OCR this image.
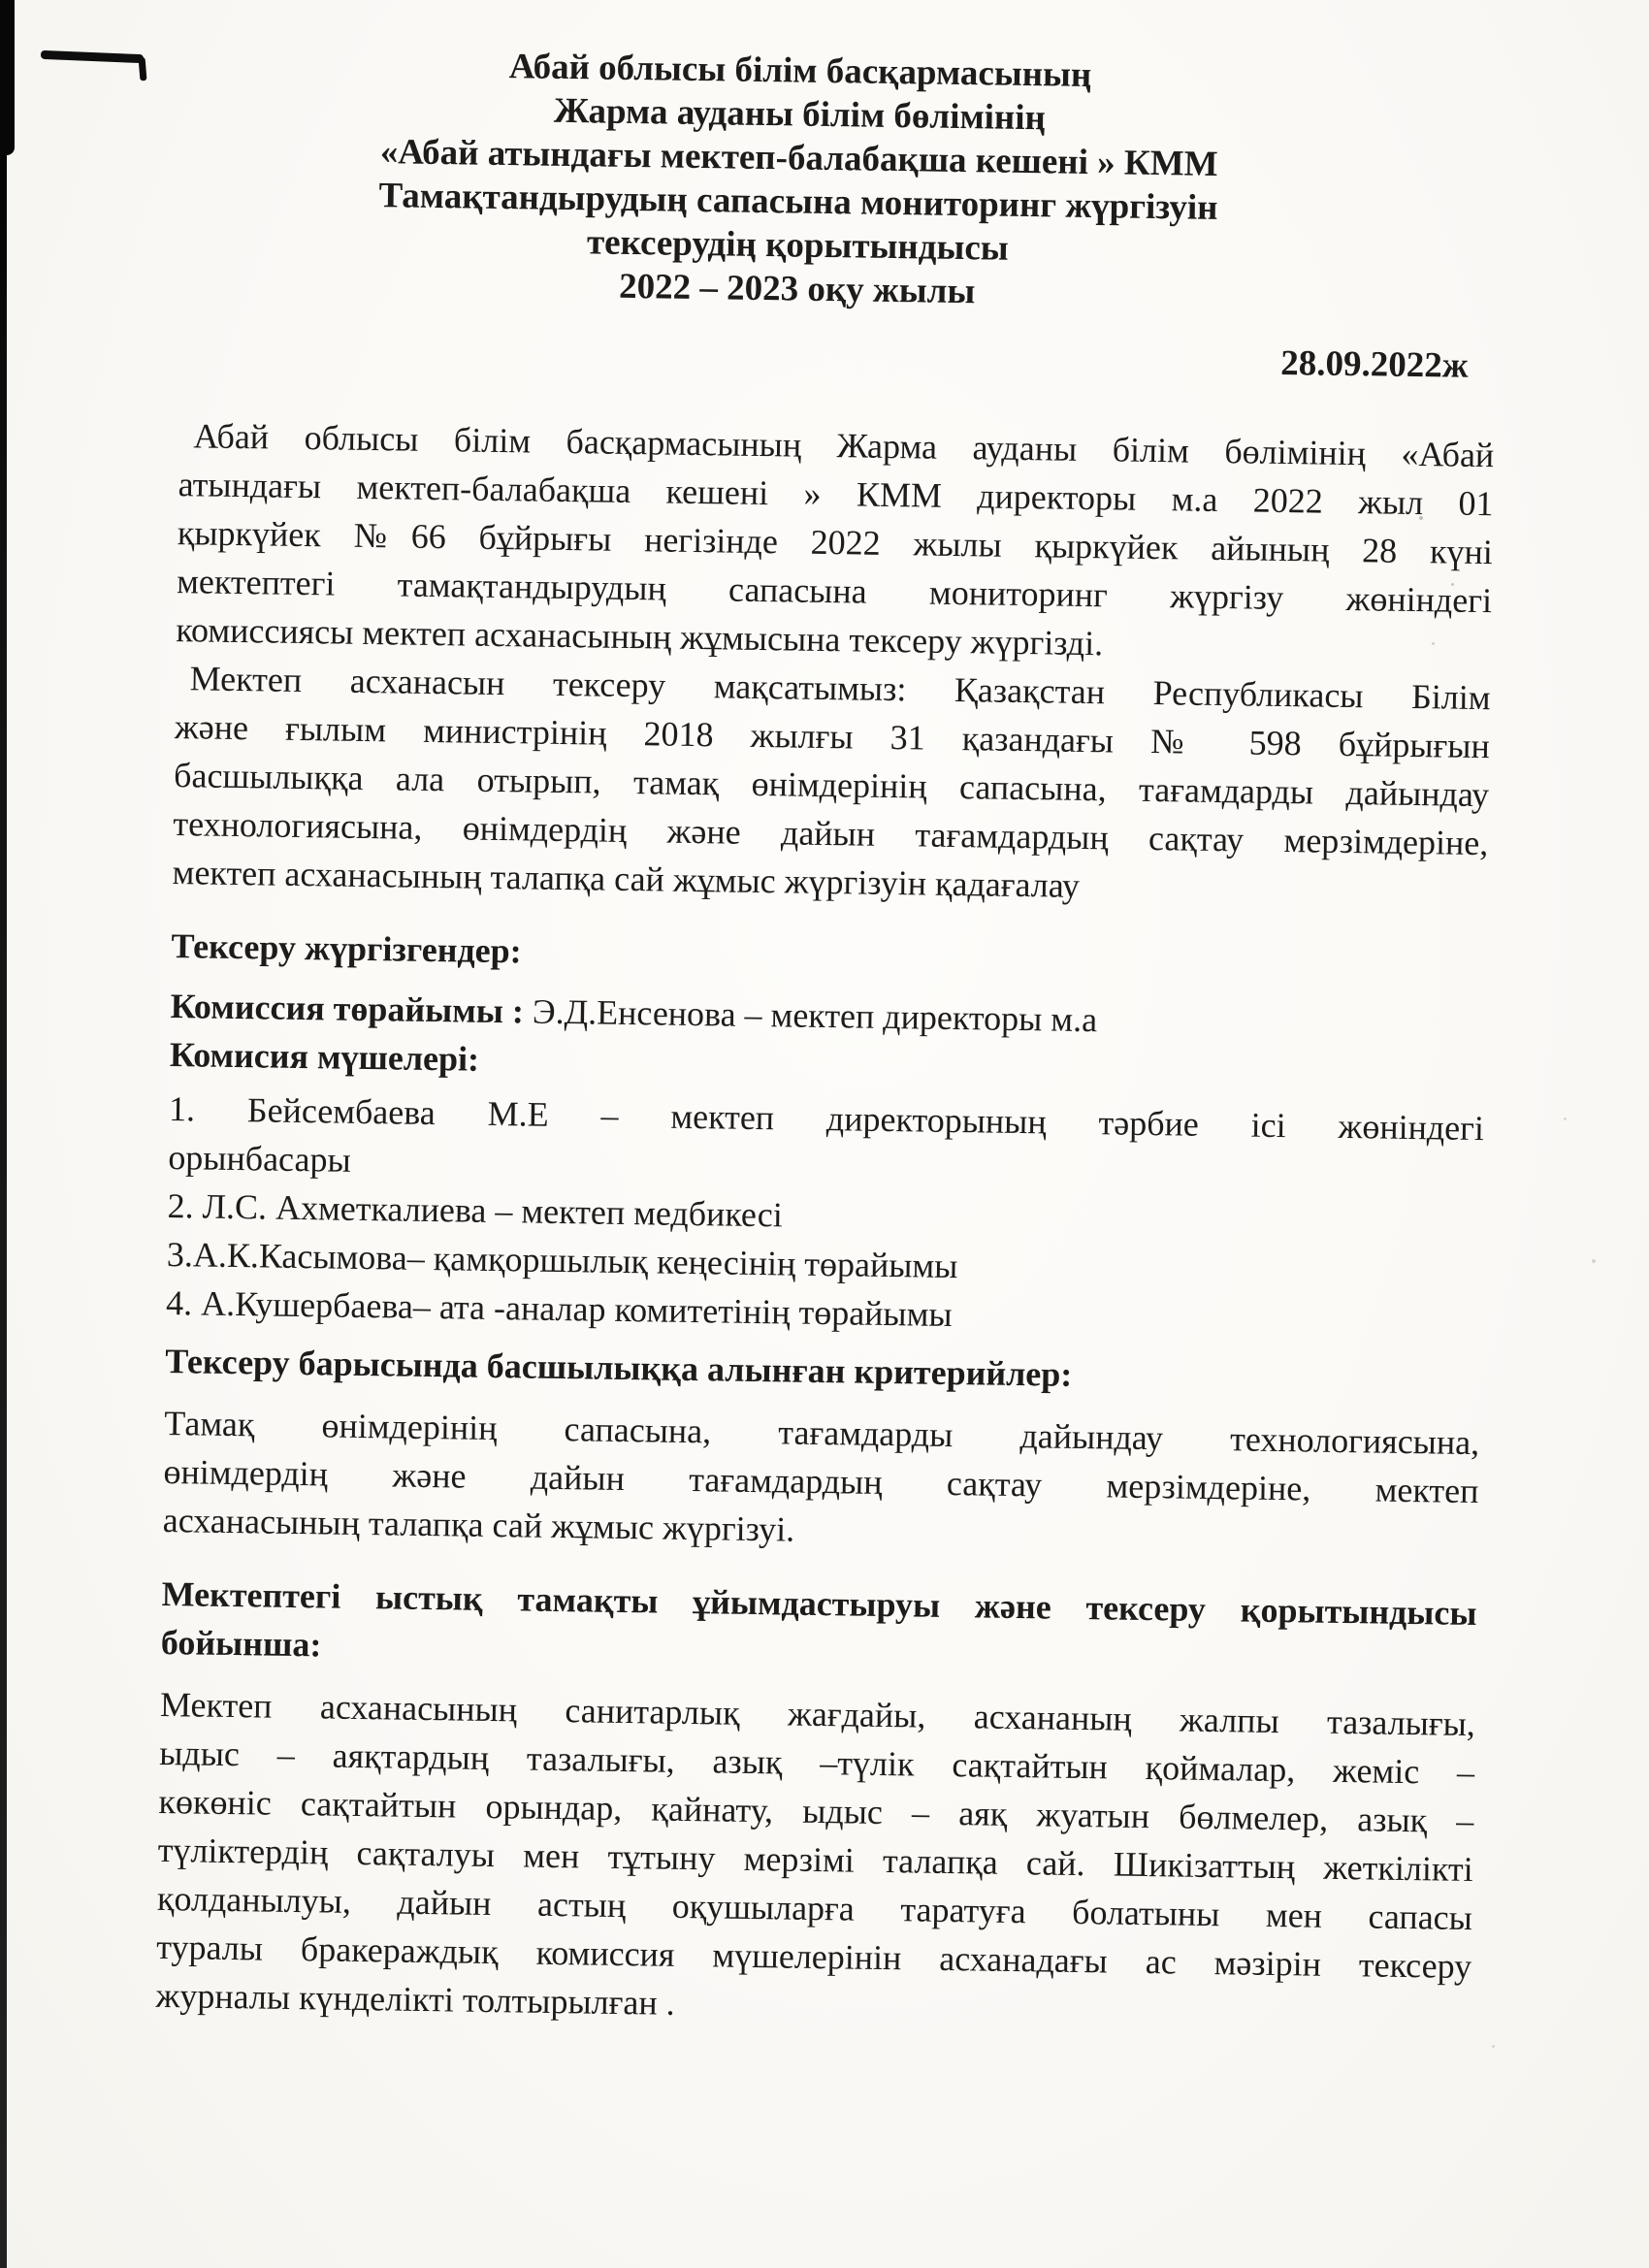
Абай облысы білім басқармасының
Жарма ауданы білім бөлімінің
«Абай атындағы мектеп-балабақша кешені » КММ
Тамақтандырудың сапасына мониторинг жүргізуін
тексерудің қорытындысы
2022 – 2023 оқу жылы
28.09.2022ж
Абай облысы білім басқармасының Жарма ауданы білім бөлімінің «Абай
атындағы мектеп-балабақша кешені » КММ директоры м.а 2022 жыл 01
қыркүйек №66 бұйрығы негізінде 2022 жылы қыркүйек айының 28 күні
мектептегі тамақтандырудың сапасына мониторинг жүргізу жөніндегі
комиссиясы мектеп асханасының жұмысына тексеру жүргізді.
Мектеп асханасын тексеру мақсатымыз: Қазақстан Республикасы Білім
және ғылым министрінің 2018 жылғы 31 қазандағы № 598 бұйрығын
басшылыққа ала отырып, тамақ өнімдерінің сапасына, тағамдарды дайындау
технологиясына, өнімдердің және дайын тағамдардың сақтау мерзімдеріне,
мектеп асханасының талапқа сай жұмыс жүргізуін қадағалау
Тексеру жүргізгендер:
Комиссия төрайымы : Э.Д.Енсенова – мектеп директоры м.а
Комисия мүшелері:
1. Бейсембаева М.Е – мектеп директорының тәрбие ісі жөніндегі
орынбасары
2. Л.С. Ахметкалиева – мектеп медбикесі
3.А.К.Касымова– қамқоршылық кеңесінің төрайымы
4. А.Кушербаева– ата -аналар комитетінің төрайымы
Тексеру барысында басшылыққа алынған критерийлер:
Тамақ өнімдерінің сапасына, тағамдарды дайындау технологиясына,
өнімдердің және дайын тағамдардың сақтау мерзімдеріне, мектеп
асханасының талапқа сай жұмыс жүргізуі.
Мектептегі ыстық тамақты ұйымдастыруы және тексеру қорытындысы
бойынша:
Мектеп асханасының санитарлық жағдайы, асхананың жалпы тазалығы,
ыдыс – аяқтардың тазалығы, азық –түлік сақтайтын қоймалар, жеміс –
көкөніс сақтайтын орындар, қайнату, ыдыс – аяқ жуатын бөлмелер, азық –
түліктердің сақталуы мен тұтыну мерзімі талапқа сай. Шикізаттың жеткілікті
қолданылуы, дайын астың оқушыларға таратуға болатыны мен сапасы
туралы бракераждық комиссия мүшелерінін асханадағы ас мәзірін тексеру
журналы күнделікті толтырылған .
